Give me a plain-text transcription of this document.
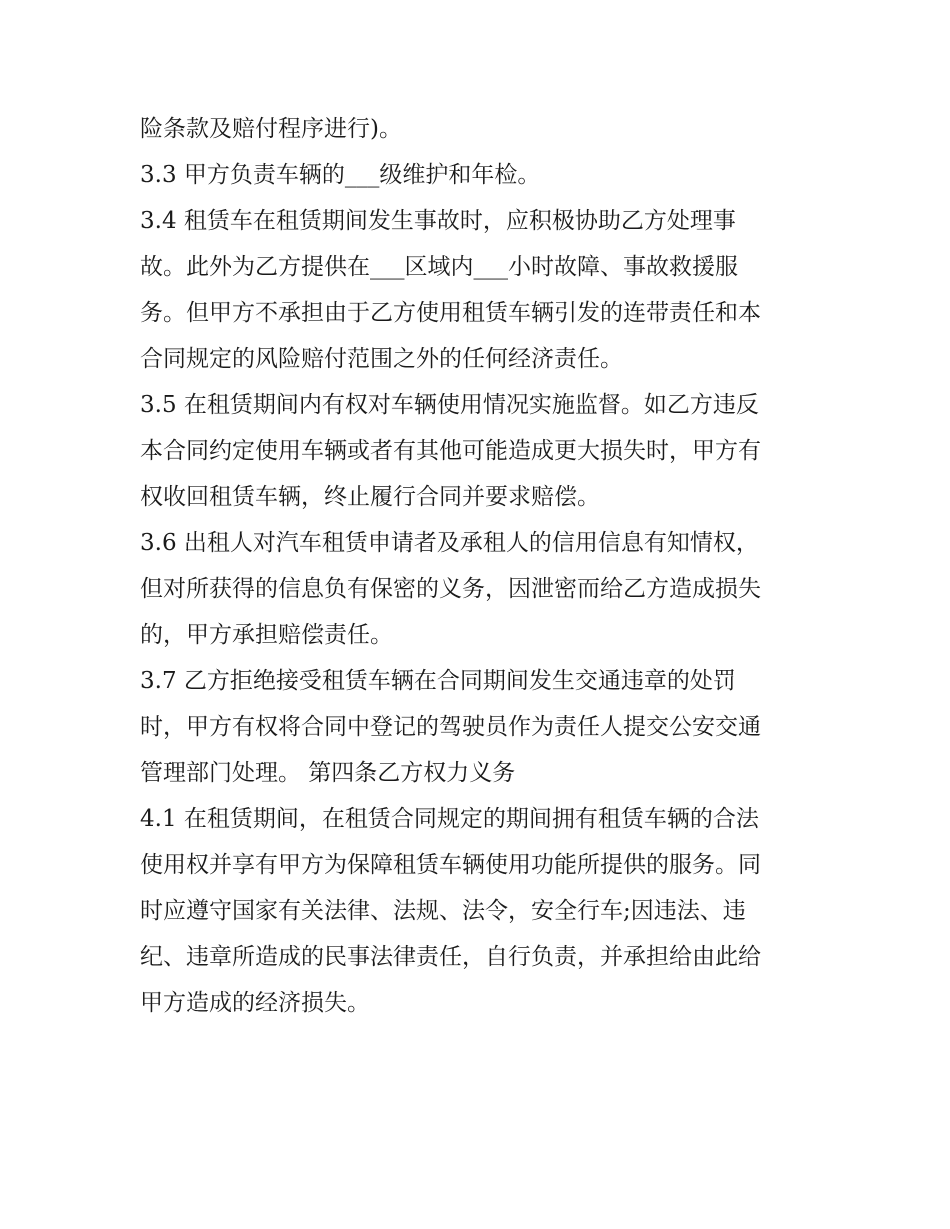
险条款及赔付程序进行)。
3.3 甲方负责车辆的___级维护和年检。
3.4 租赁车在租赁期间发生事故时，应积极协助乙方处理事
故。此外为乙方提供在___区域内___小时故障、事故救援服
务。但甲方不承担由于乙方使用租赁车辆引发的连带责任和本
合同规定的风险赔付范围之外的任何经济责任。
3.5 在租赁期间内有权对车辆使用情况实施监督。如乙方违反
本合同约定使用车辆或者有其他可能造成更大损失时，甲方有
权收回租赁车辆，终止履行合同并要求赔偿。
3.6 出租人对汽车租赁申请者及承租人的信用信息有知情权，
但对所获得的信息负有保密的义务，因泄密而给乙方造成损失
的，甲方承担赔偿责任。
3.7 乙方拒绝接受租赁车辆在合同期间发生交通违章的处罚
时，甲方有权将合同中登记的驾驶员作为责任人提交公安交通
管理部门处理。 第四条乙方权力义务
4.1 在租赁期间，在租赁合同规定的期间拥有租赁车辆的合法
使用权并享有甲方为保障租赁车辆使用功能所提供的服务。同
时应遵守国家有关法律、法规、法令，安全行车;因违法、违
纪、违章所造成的民事法律责任，自行负责，并承担给由此给
甲方造成的经济损失。
